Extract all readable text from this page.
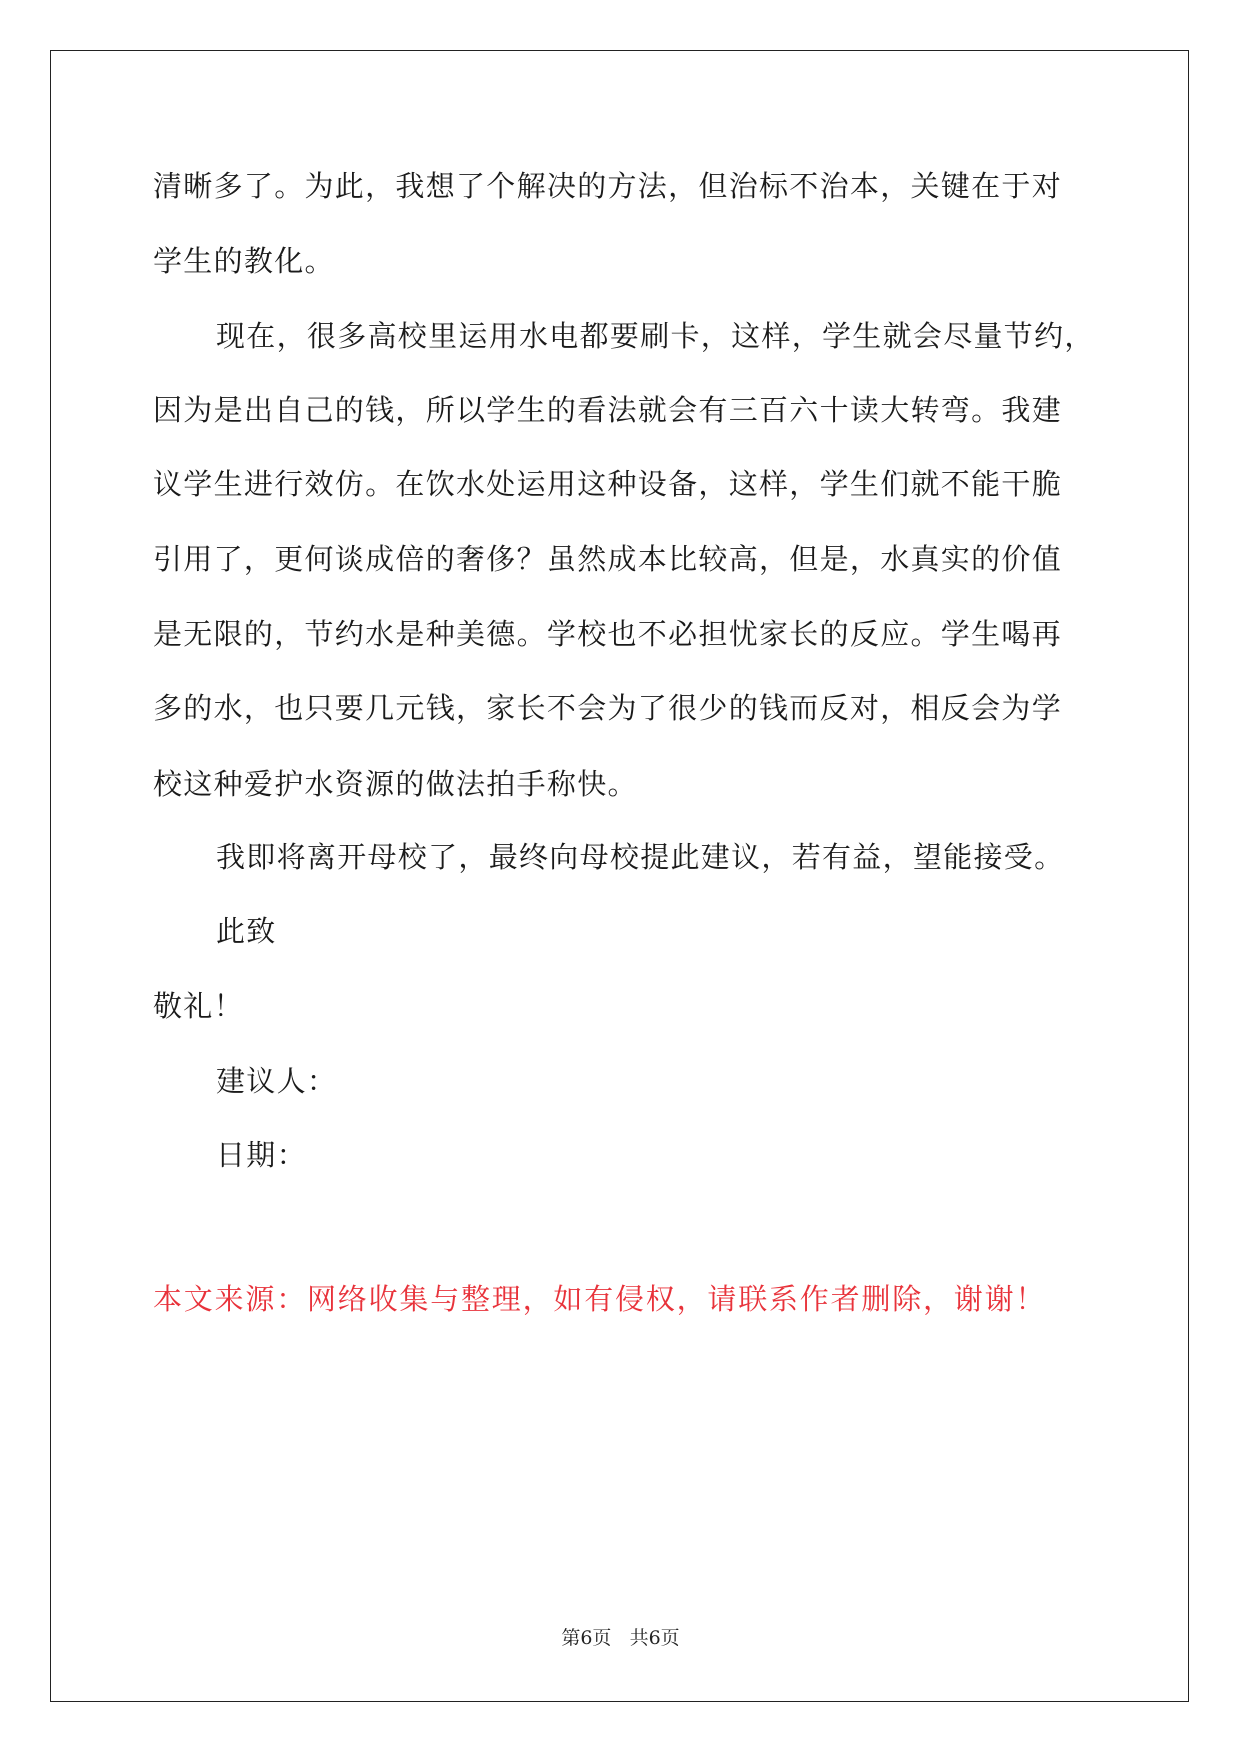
清晰多了。为此，我想了个解决的方法，但治标不治本，关键在于对
学生的教化。
现在，很多高校里运用水电都要刷卡，这样，学生就会尽量节约，
因为是出自己的钱，所以学生的看法就会有三百六十读大转弯。我建
议学生进行效仿。在饮水处运用这种设备，这样，学生们就不能干脆
引用了，更何谈成倍的奢侈？虽然成本比较高，但是，水真实的价值
是无限的，节约水是种美德。学校也不必担忧家长的反应。学生喝再
多的水，也只要几元钱，家长不会为了很少的钱而反对，相反会为学
校这种爱护水资源的做法拍手称快。
我即将离开母校了，最终向母校提此建议，若有益，望能接受。
此致
敬礼！
建议人：
日期：
本文来源：网络收集与整理，如有侵权，请联系作者删除，谢谢！
第6页 共6页
